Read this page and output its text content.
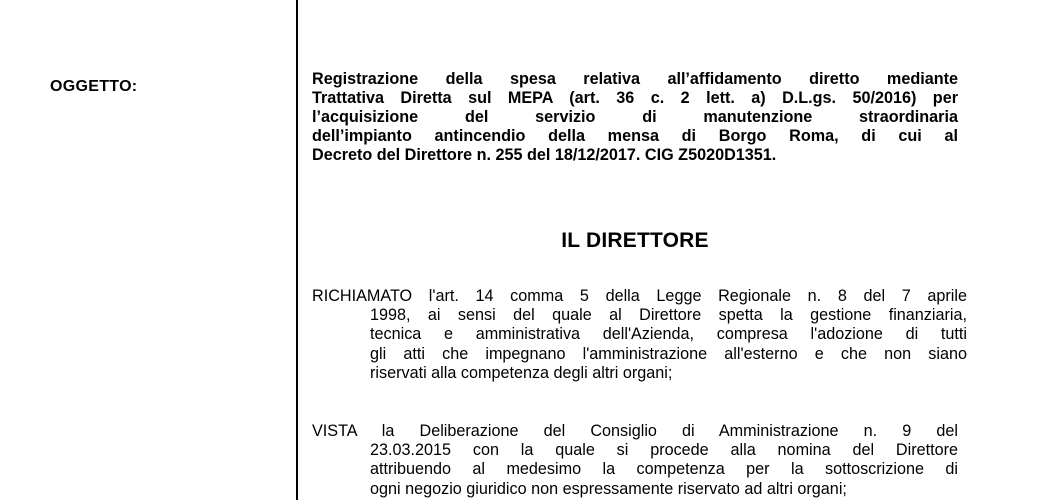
OGGETTO:	Registrazione della spesa relativa all’affidamento diretto mediante
Trattativa Diretta sul MEPA (art. 36 c. 2 lett. a) D.L.gs. 50/2016) per
l’acquisizione del servizio di manutenzione straordinaria
dell’impianto antincendio della mensa di Borgo Roma, di cui al
Decreto del Direttore n. 255 del 18/12/2017. CIG Z5020D1351.
IL DIRETTORE
RICHIAMATO l'art. 14 comma 5 della Legge Regionale n. 8 del 7 aprile
1998, ai sensi del quale al Direttore spetta la gestione finanziaria,
tecnica e amministrativa dell'Azienda, compresa l'adozione di tutti
gli atti che impegnano l'amministrazione all'esterno e che non siano
riservati alla competenza degli altri organi;
VISTA la Deliberazione del Consiglio di Amministrazione n. 9 del
23.03.2015 con la quale si procede alla nomina del Direttore
attribuendo al medesimo la competenza per la sottoscrizione di
ogni negozio giuridico non espressamente riservato ad altri organi;
